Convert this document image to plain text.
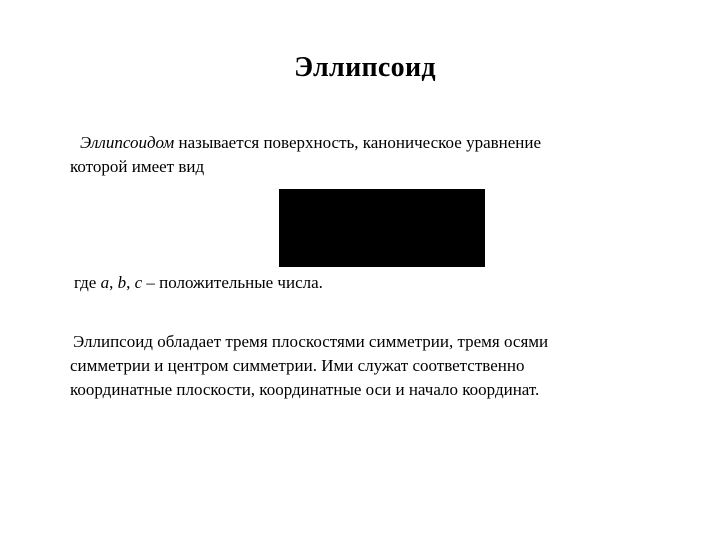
Эллипсоид

Эллипсоидом называется поверхность, каноническое уравнение
которой имеет вид

где a, b, c – положительные числа.

Эллипсоид обладает тремя плоскостями симметрии, тремя осями
симметрии и центром симметрии. Ими служат соответственно
координатные плоскости, координатные оси и начало координат.
